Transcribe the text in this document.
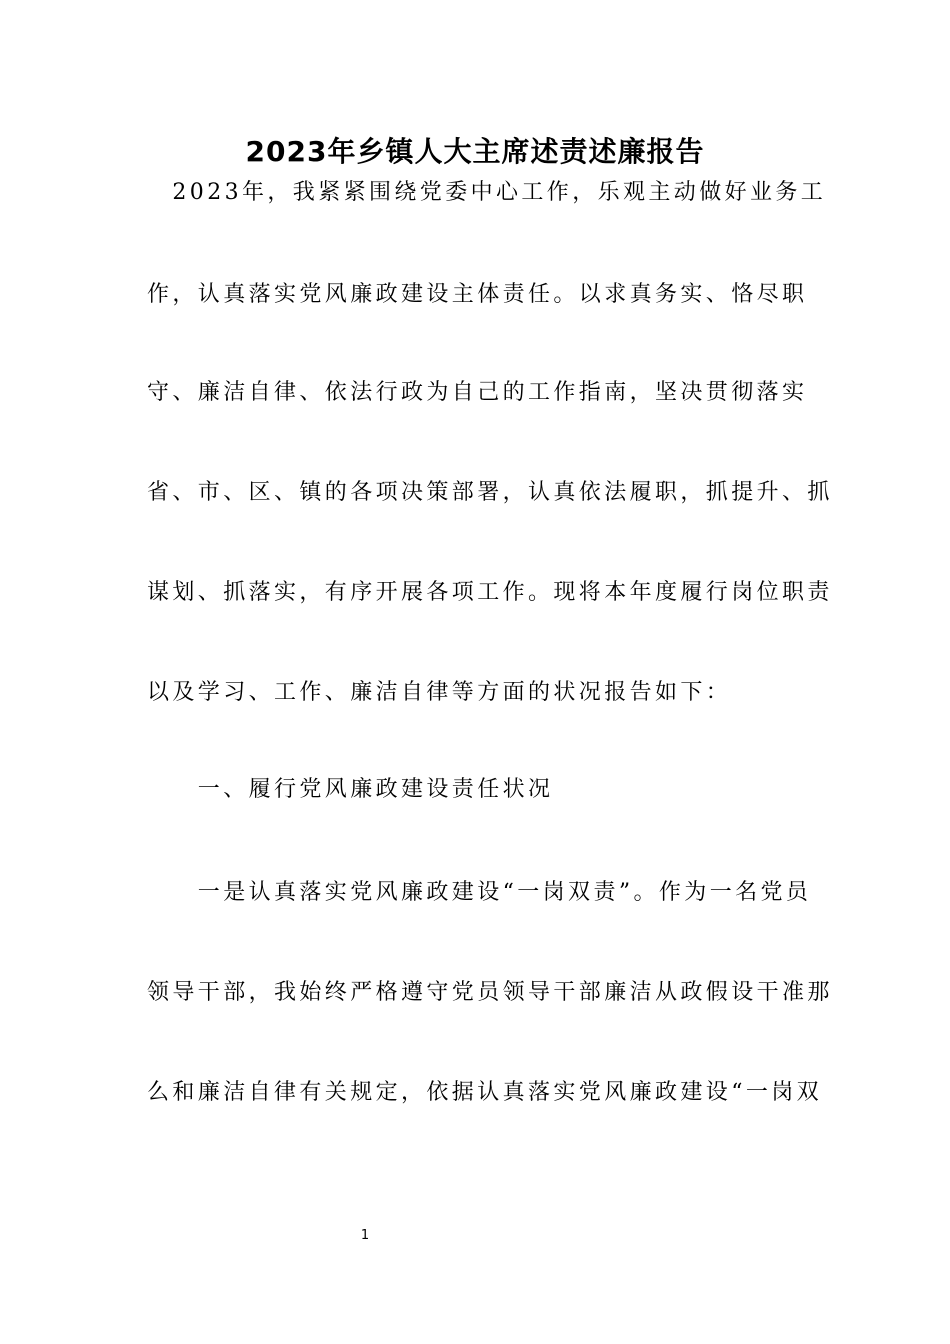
2023年乡镇人大主席述责述廉报告
　2023年，我紧紧围绕党委中心工作，乐观主动做好业务工
作，认真落实党风廉政建设主体责任。以求真务实、恪尽职
守、廉洁自律、依法行政为自己的工作指南，坚决贯彻落实
省、市、区、镇的各项决策部署，认真依法履职，抓提升、抓
谋划、抓落实，有序开展各项工作。现将本年度履行岗位职责
以及学习、工作、廉洁自律等方面的状况报告如下：
　　一、履行党风廉政建设责任状况
　　一是认真落实党风廉政建设“一岗双责”。作为一名党员
领导干部，我始终严格遵守党员领导干部廉洁从政假设干准那
么和廉洁自律有关规定，依据认真落实党风廉政建设“一岗双
1
